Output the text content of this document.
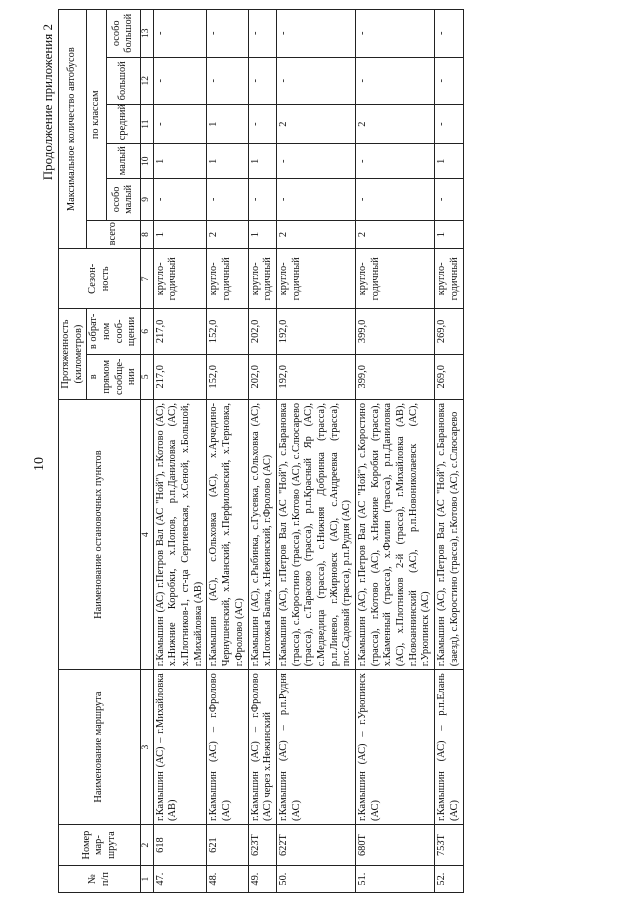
10
Продолжение приложения 2
№ п/п	Номер мар-шрута	Наименование маршрута	Наименование остановочных пунктов	Протяженность (километров)		Сезон-ность	Максимальное количество автобусов					
				в прямом сообще-нии	в обрат-ном сооб-щении		всего	по классам				
								особо малый	малый	средний	большой	особо большой
1	2	3	4	5	6	7	8	9	10	11	12	13
47.	618	г.Камышин (АС) – г.Михайловка (АВ)	г.Камышин (АС) г.Петров Вал (АС "Ной"), г.Котово (АС), х.Нижние Коробки, х.Попов, р.п.Даниловка (АС), х.Плотников-1, ст-ца Сергиевская, х.Сеной, х.Большой, г.Михайловка (АВ)	217,0	217,0	кругло-годичный	1	-	1	-	-	-
48.	621	г.Камышин (АС) – г.Фролово (АС)	г.Камышин (АС), с.Ольховка (АС), х.Арчедино-Чернушенский, х.Манский, х.Перфиловский, х.Терновка, г.Фролово (АС)	152,0	152,0	кругло-годичный	2	-	1	1	-	-
49.	623Т	г.Камышин (АС) – г.Фролово (АС) через х.Нежинский	г.Камышин (АС), с.Рыбинка, с.Гусевка, с.Ольховка (АС), х.Погожья Балка, х.Нежинский, г.Фролово (АС)	202,0	202,0	кругло-годичный	1	-	1	-	-	-
50.	622Т	г.Камышин (АС) – р.п.Рудня (АС)	г.Камышин (АС), г.Петров Вал (АС "Ной"), с.Барановка (трасса), с.Коростино (трасса), г.Котово (АС), с.Слюсарево (трасса), с.Тарасово (трасса), р.п.Красный Яр (АС), с.Медведица (трасса), с.Нижняя Добринка (трасса), р.п.Линево, г.Жирновск (АС), с.Андреевка (трасса), пос.Садовый (трасса), р.п.Рудня (АС)	192,0	192,0	кругло-годичный	2	-	-	2	-	-
51.	680Т	г.Камышин (АС) – г.Урюпинск (АС)	г.Камышин (АС), г.Петров Вал (АС "Ной"), с.Коростино (трасса), г.Котово (АС), х.Нижние Коробки (трасса), х.Каменный (трасса), х.Филин (трасса), р.п.Даниловка (АС), х.Плотников 2-й (трасса), г.Михайловка (АВ), г.Новоаннинский (АС), р.п.Новониколаевск (АС), г.Урюпинск (АС)	399,0	399,0	кругло-годичный	2	-	-	2	-	-
52.	753Т	г.Камышин (АС) – р.п.Елань (АС)	г.Камышин (АС), г.Петров Вал (АС "Ной"), с.Барановка (заезд), с.Коростино (трасса), г.Котово (АС), с.Слюсарево	269,0	269,0	кругло-годичный	1	-	1	-	-	-
